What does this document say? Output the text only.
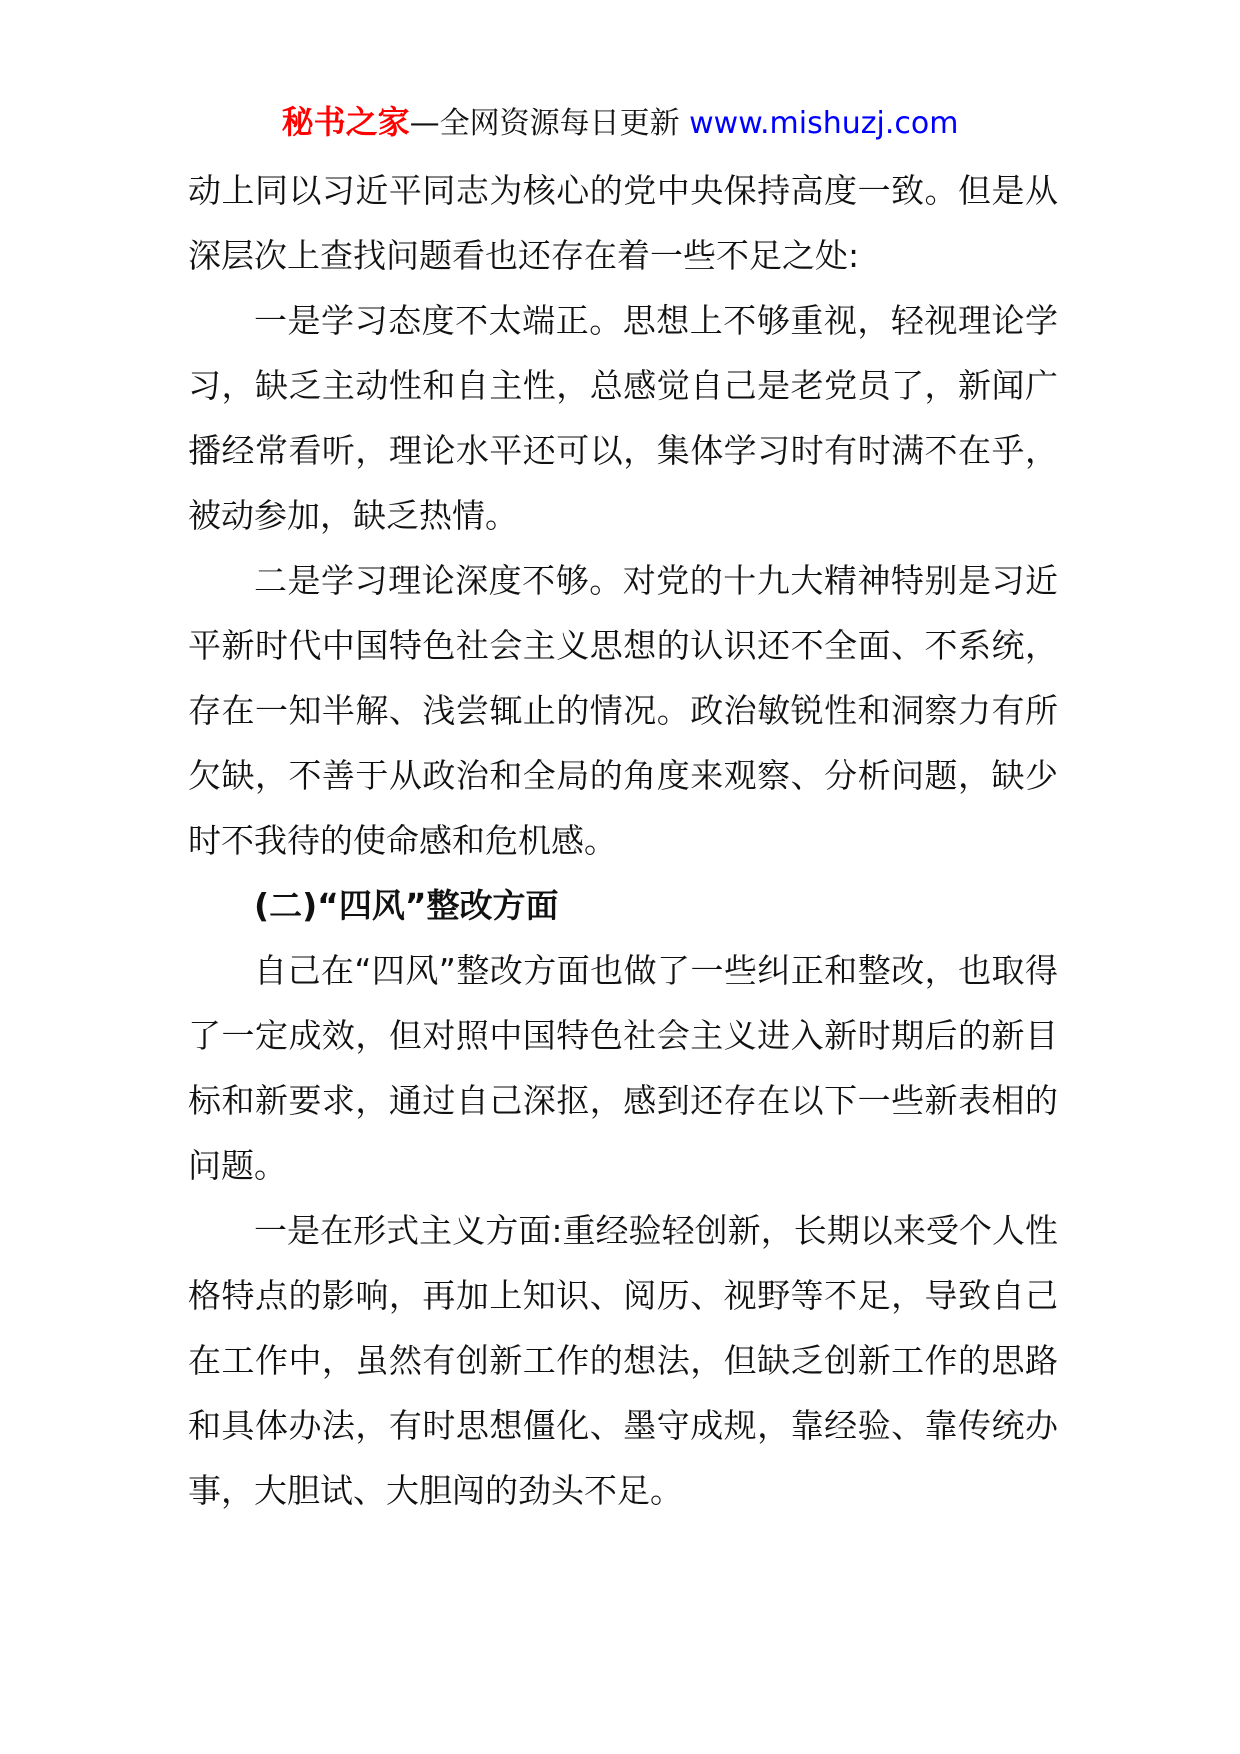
秘书之家—全网资源每日更新 www.mishuzj.com

动上同以习近平同志为核心的党中央保持高度一致。但是从深层次上查找问题看也还存在着一些不足之处:

一是学习态度不太端正。思想上不够重视，轻视理论学习，缺乏主动性和自主性，总感觉自己是老党员了，新闻广播经常看听，理论水平还可以，集体学习时有时满不在乎，被动参加，缺乏热情。

二是学习理论深度不够。对党的十九大精神特别是习近平新时代中国特色社会主义思想的认识还不全面、不系统，存在一知半解、浅尝辄止的情况。政治敏锐性和洞察力有所欠缺，不善于从政治和全局的角度来观察、分析问题，缺少时不我待的使命感和危机感。

(二)“四风”整改方面

自己在“四风”整改方面也做了一些纠正和整改，也取得了一定成效，但对照中国特色社会主义进入新时期后的新目标和新要求，通过自己深抠，感到还存在以下一些新表相的问题。

一是在形式主义方面:重经验轻创新，长期以来受个人性格特点的影响，再加上知识、阅历、视野等不足，导致自己在工作中，虽然有创新工作的想法，但缺乏创新工作的思路和具体办法，有时思想僵化、墨守成规，靠经验、靠传统办事，大胆试、大胆闯的劲头不足。
